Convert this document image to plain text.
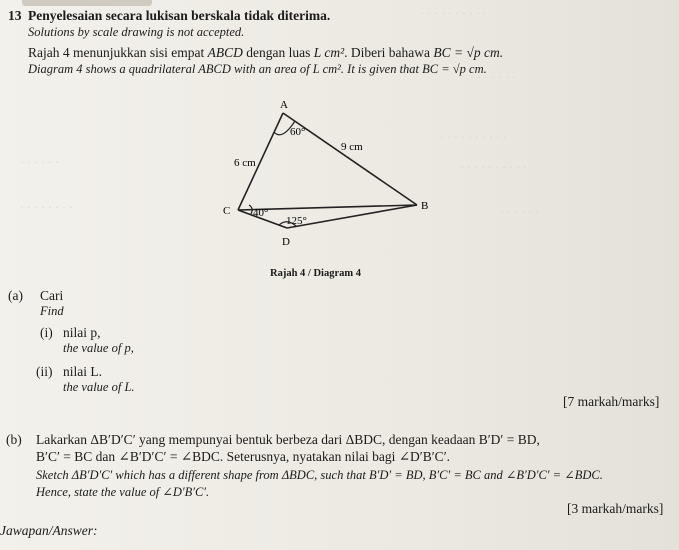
· · · · · · · · · ·
· · · · · · ·
· · · · · ·
· · · · · · · ·
· · · · · · · · · ·
· · · · · · · · · ·
· · · · · ·
13 Penyelesaian secara lukisan berskala tidak diterima.
Solutions by scale drawing is not accepted.
Rajah 4 menunjukkan sisi empat ABCD dengan luas L cm². Diberi bahawa BC = √p cm.
Diagram 4 shows a quadrilateral ABCD with an area of L cm². It is given that BC = √p cm.
A
B
C
D
60°
9 cm
6 cm
40°
125°
Rajah 4 / Diagram 4
(a) Cari
Find
(i) nilai p,
the value of p,
(ii) nilai L.
the value of L.
[7 markah/marks]
(b) Lakarkan ΔB′D′C′ yang mempunyai bentuk berbeza dari ΔBDC, dengan keadaan B′D′ = BD,
B′C′ = BC dan ∠B′D′C′ = ∠BDC. Seterusnya, nyatakan nilai bagi ∠D′B′C′.
Sketch ΔB′D′C′ which has a different shape from ΔBDC, such that B′D′ = BD, B′C′ = BC and ∠B′D′C′ = ∠BDC.
Hence, state the value of ∠D′B′C′.
[3 markah/marks]
Jawapan/Answer:
